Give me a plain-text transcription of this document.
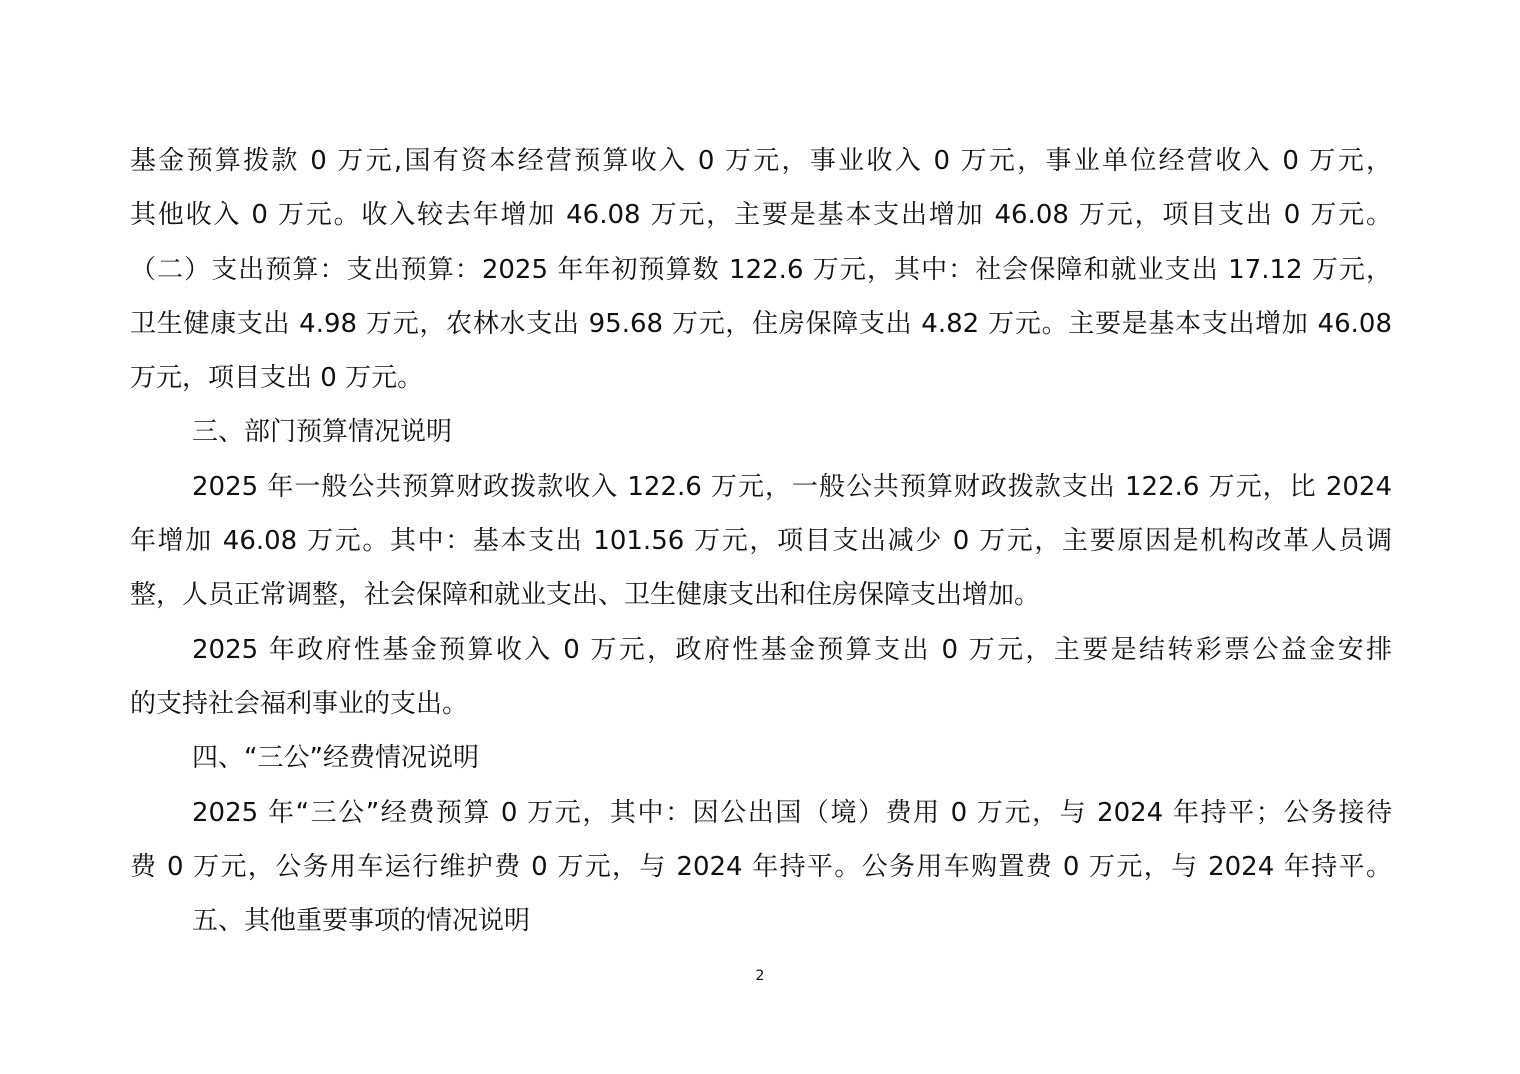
基金预算拨款 0 万元,国有资本经营预算收入 0 万元，事业收入 0 万元，事业单位经营收入 0 万元，
其他收入 0 万元。收入较去年增加 46.08 万元，主要是基本支出增加 46.08 万元，项目支出 0 万元。
（二）支出预算：支出预算：2025 年年初预算数 122.6 万元，其中：社会保障和就业支出 17.12 万元，
卫生健康支出 4.98 万元，农林水支出 95.68 万元，住房保障支出 4.82 万元。主要是基本支出增加 46.08
万元，项目支出 0 万元。
三、部门预算情况说明
2025 年一般公共预算财政拨款收入 122.6 万元，一般公共预算财政拨款支出 122.6 万元，比 2024
年增加 46.08 万元。其中：基本支出 101.56 万元，项目支出减少 0 万元，主要原因是机构改革人员调
整，人员正常调整，社会保障和就业支出、卫生健康支出和住房保障支出增加。
2025 年政府性基金预算收入 0 万元，政府性基金预算支出 0 万元，主要是结转彩票公益金安排
的支持社会福利事业的支出。
四、“三公”经费情况说明
2025 年“三公”经费预算 0 万元，其中：因公出国（境）费用 0 万元，与 2024 年持平；公务接待
费 0 万元，公务用车运行维护费 0 万元，与 2024 年持平。公务用车购置费 0 万元，与 2024 年持平。
五、其他重要事项的情况说明
2
